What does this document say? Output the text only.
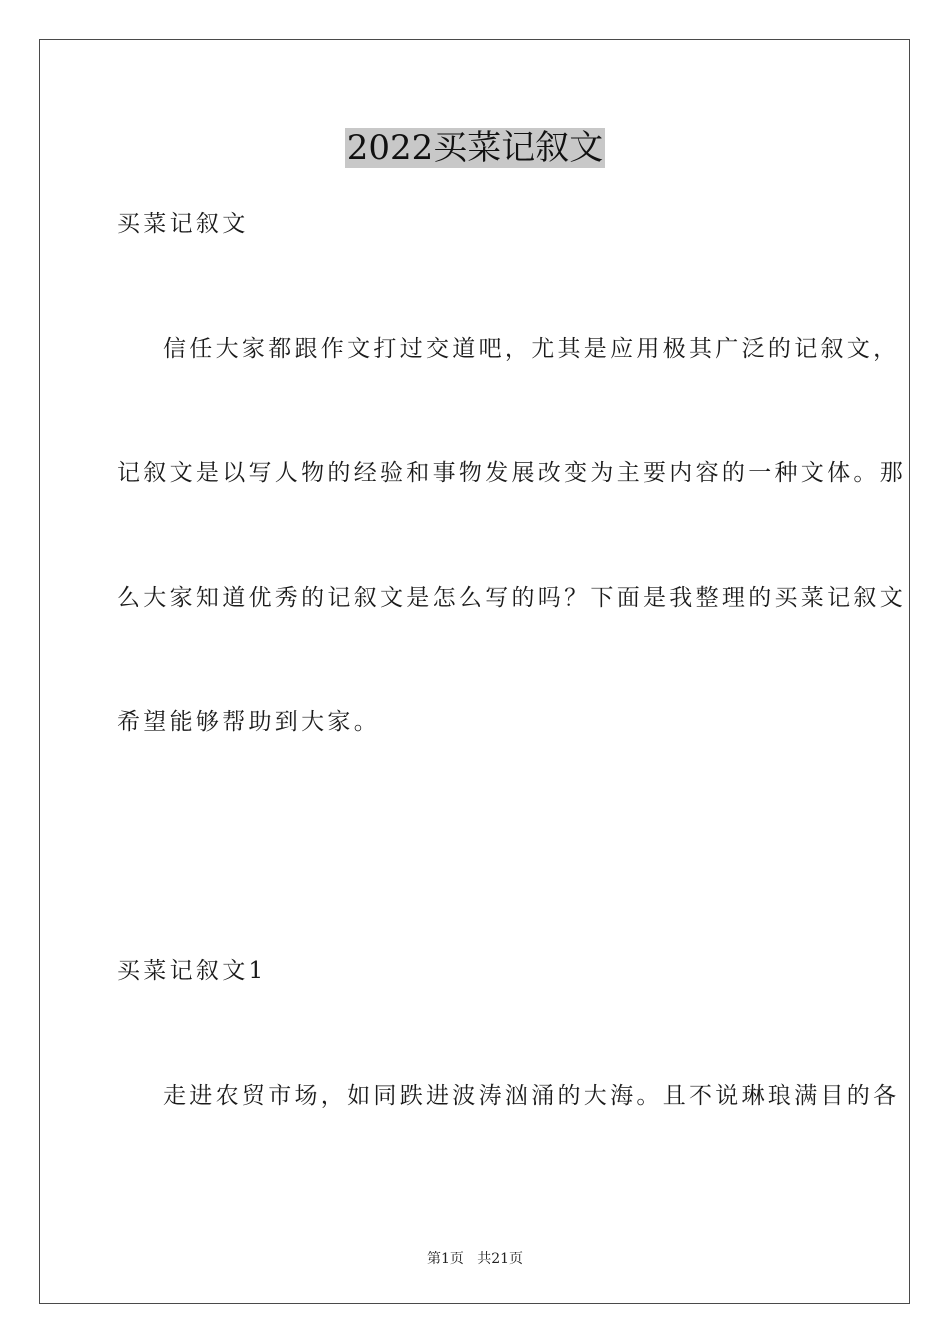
2022买菜记叙文
买菜记叙文
信任大家都跟作文打过交道吧，尤其是应用极其广泛的记叙文，
记叙文是以写人物的经验和事物发展改变为主要内容的一种文体。那
么大家知道优秀的记叙文是怎么写的吗？下面是我整理的买菜记叙文
希望能够帮助到大家。
买菜记叙文1
走进农贸市场，如同跌进波涛汹涌的大海。且不说琳琅满目的各
第1页   共21页
